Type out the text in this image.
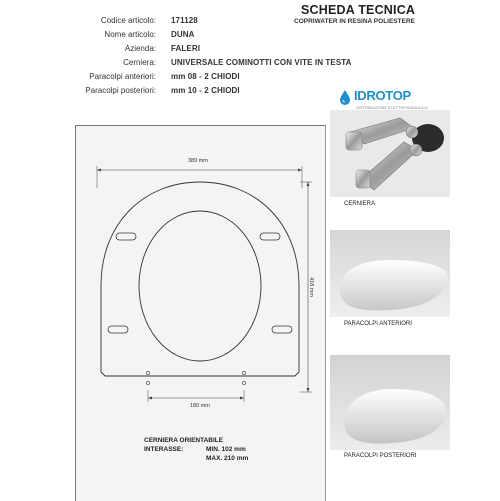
SCHEDA TECNICA
COPRIWATER IN RESINA POLIESTERE
Codice articolo: 171128
Nome articolo: DUNA
Azienda: FALERI
Cerniera: UNIVERSALE COMINOTTI CON VITE IN TESTA
Paracolpi anteriori: mm 08 - 2 CHIODI
Paracolpi posteriori: mm 10 - 2 CHIODI	IDROTOP
DISTRIBUZIONE ELETTROIDRAULICA
389 mm
418 mm
180 mm
CERNIERA ORIENTABILE
INTERASSE:	MIN. 102 mm
MAX. 210 mm
CERNIERA
PARACOLPI ANTERIORI
PARACOLPI POSTERIORI
